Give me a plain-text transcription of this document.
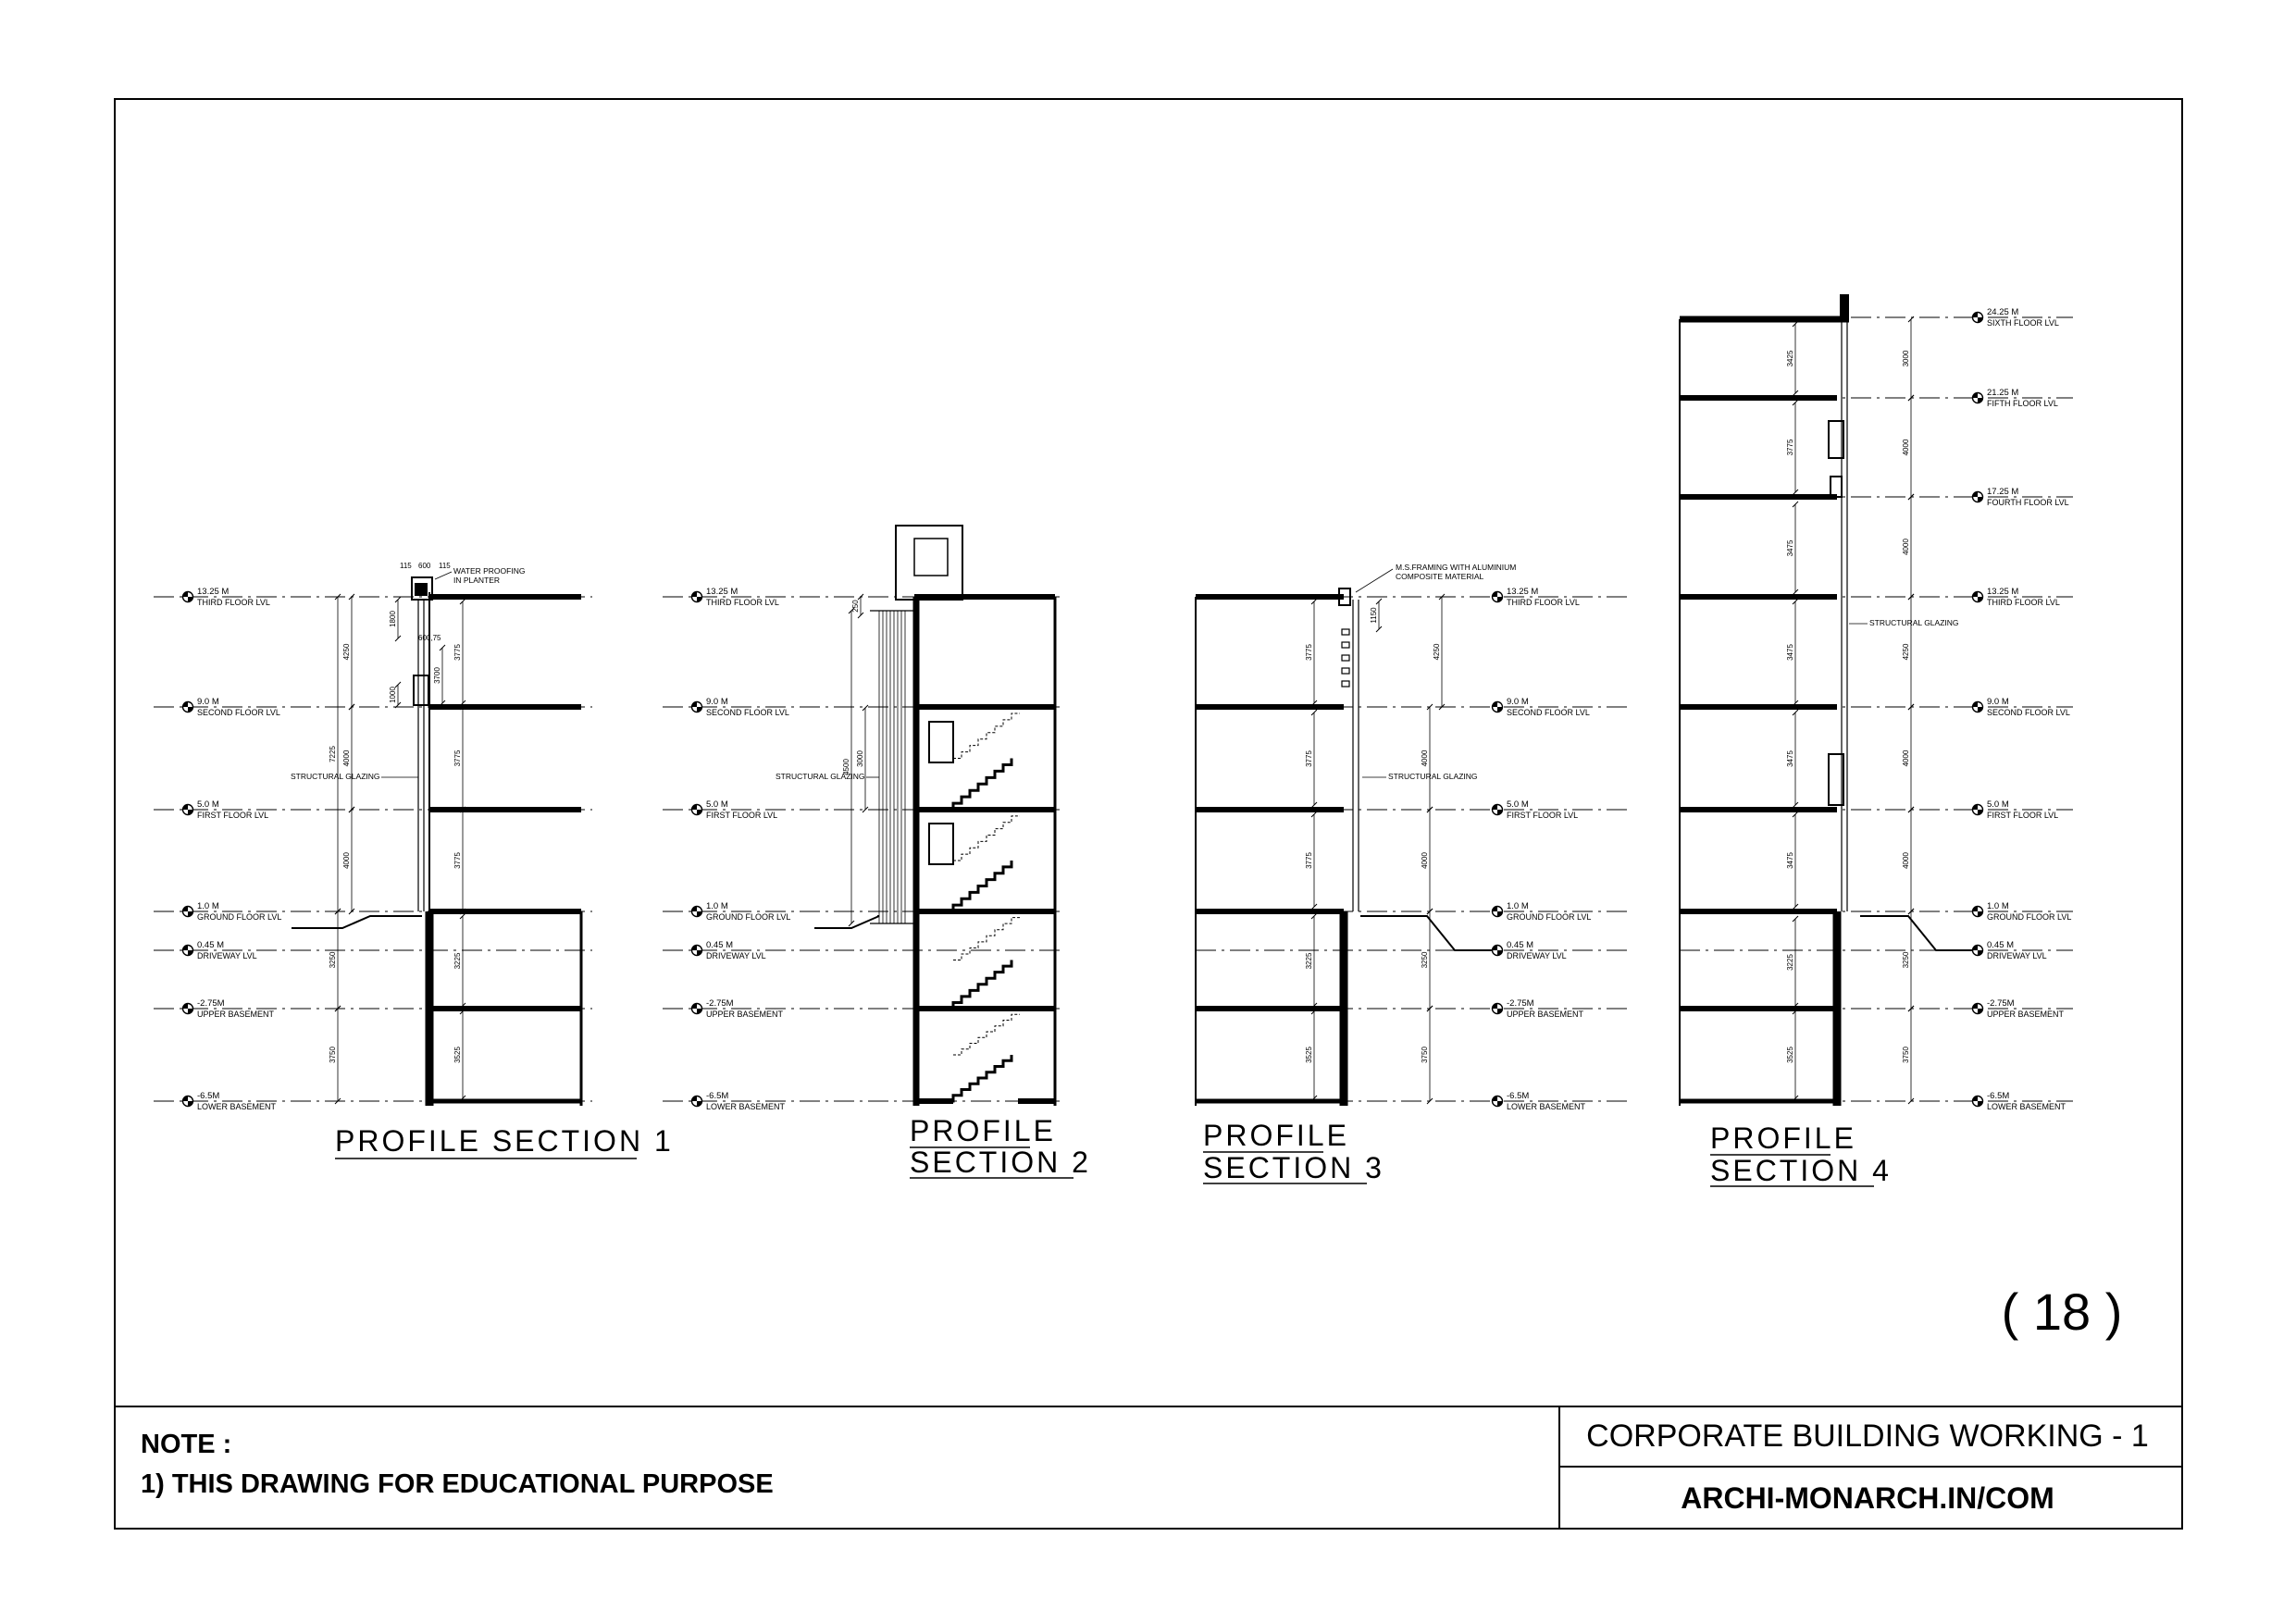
NOTE :
1) THIS DRAWING FOR EDUCATIONAL PURPOSE
CORPORATE BUILDING WORKING - 1
ARCHI-MONARCH.IN/COM
( 18 )
PROFILE SECTION 1	PROFILE
SECTION 2
PROFILE
SECTION 3
PROFILE
SECTION 4
13.25 M
THIRD FLOOR LVL
9.0 M
SECOND FLOOR LVL
5.0 M
FIRST FLOOR LVL
1.0 M
GROUND FLOOR LVL
0.45 M
DRIVEWAY LVL
-2.75M
UPPER BASEMENT
-6.5M
LOWER BASEMENT
13.25 M
THIRD FLOOR LVL
9.0 M
SECOND FLOOR LVL
5.0 M
FIRST FLOOR LVL
1.0 M
GROUND FLOOR LVL
0.45 M
DRIVEWAY LVL
-2.75M
UPPER BASEMENT
-6.5M
LOWER BASEMENT
13.25 M
THIRD FLOOR LVL
9.0 M
SECOND FLOOR LVL
5.0 M
FIRST FLOOR LVL
1.0 M
GROUND FLOOR LVL
0.45 M
DRIVEWAY LVL
-2.75M
UPPER BASEMENT
-6.5M
LOWER BASEMENT
24.25 M
SIXTH FLOOR LVL
21.25 M
FIFTH FLOOR LVL
17.25 M
FOURTH FLOOR LVL
13.25 M
THIRD FLOOR LVL
9.0 M
SECOND FLOOR LVL
5.0 M
FIRST FLOOR LVL
1.0 M
GROUND FLOOR LVL
0.45 M
DRIVEWAY LVL
-2.75M
UPPER BASEMENT
-6.5M
LOWER BASEMENT
7225
4250
4000
4000
3250
3750
3775
3775
3775
3225
3525
115 600 115
1800
1000
600,75
3700
4500
3000
250
4250
4000
4000
3250
3750
3775
3775
3775
3225
3525
1150
3000
4000
4000
4250
4000
4000
3250
3750
3425
3775
3475
3475
3475
3475
3225
3525
WATER PROOFING
IN PLANTER
STRUCTURAL GLAZING	STRUCTURAL GLAZING
M.S.FRAMING WITH ALUMINIUM
COMPOSITE MATERIAL
STRUCTURAL GLAZING
STRUCTURAL GLAZING
